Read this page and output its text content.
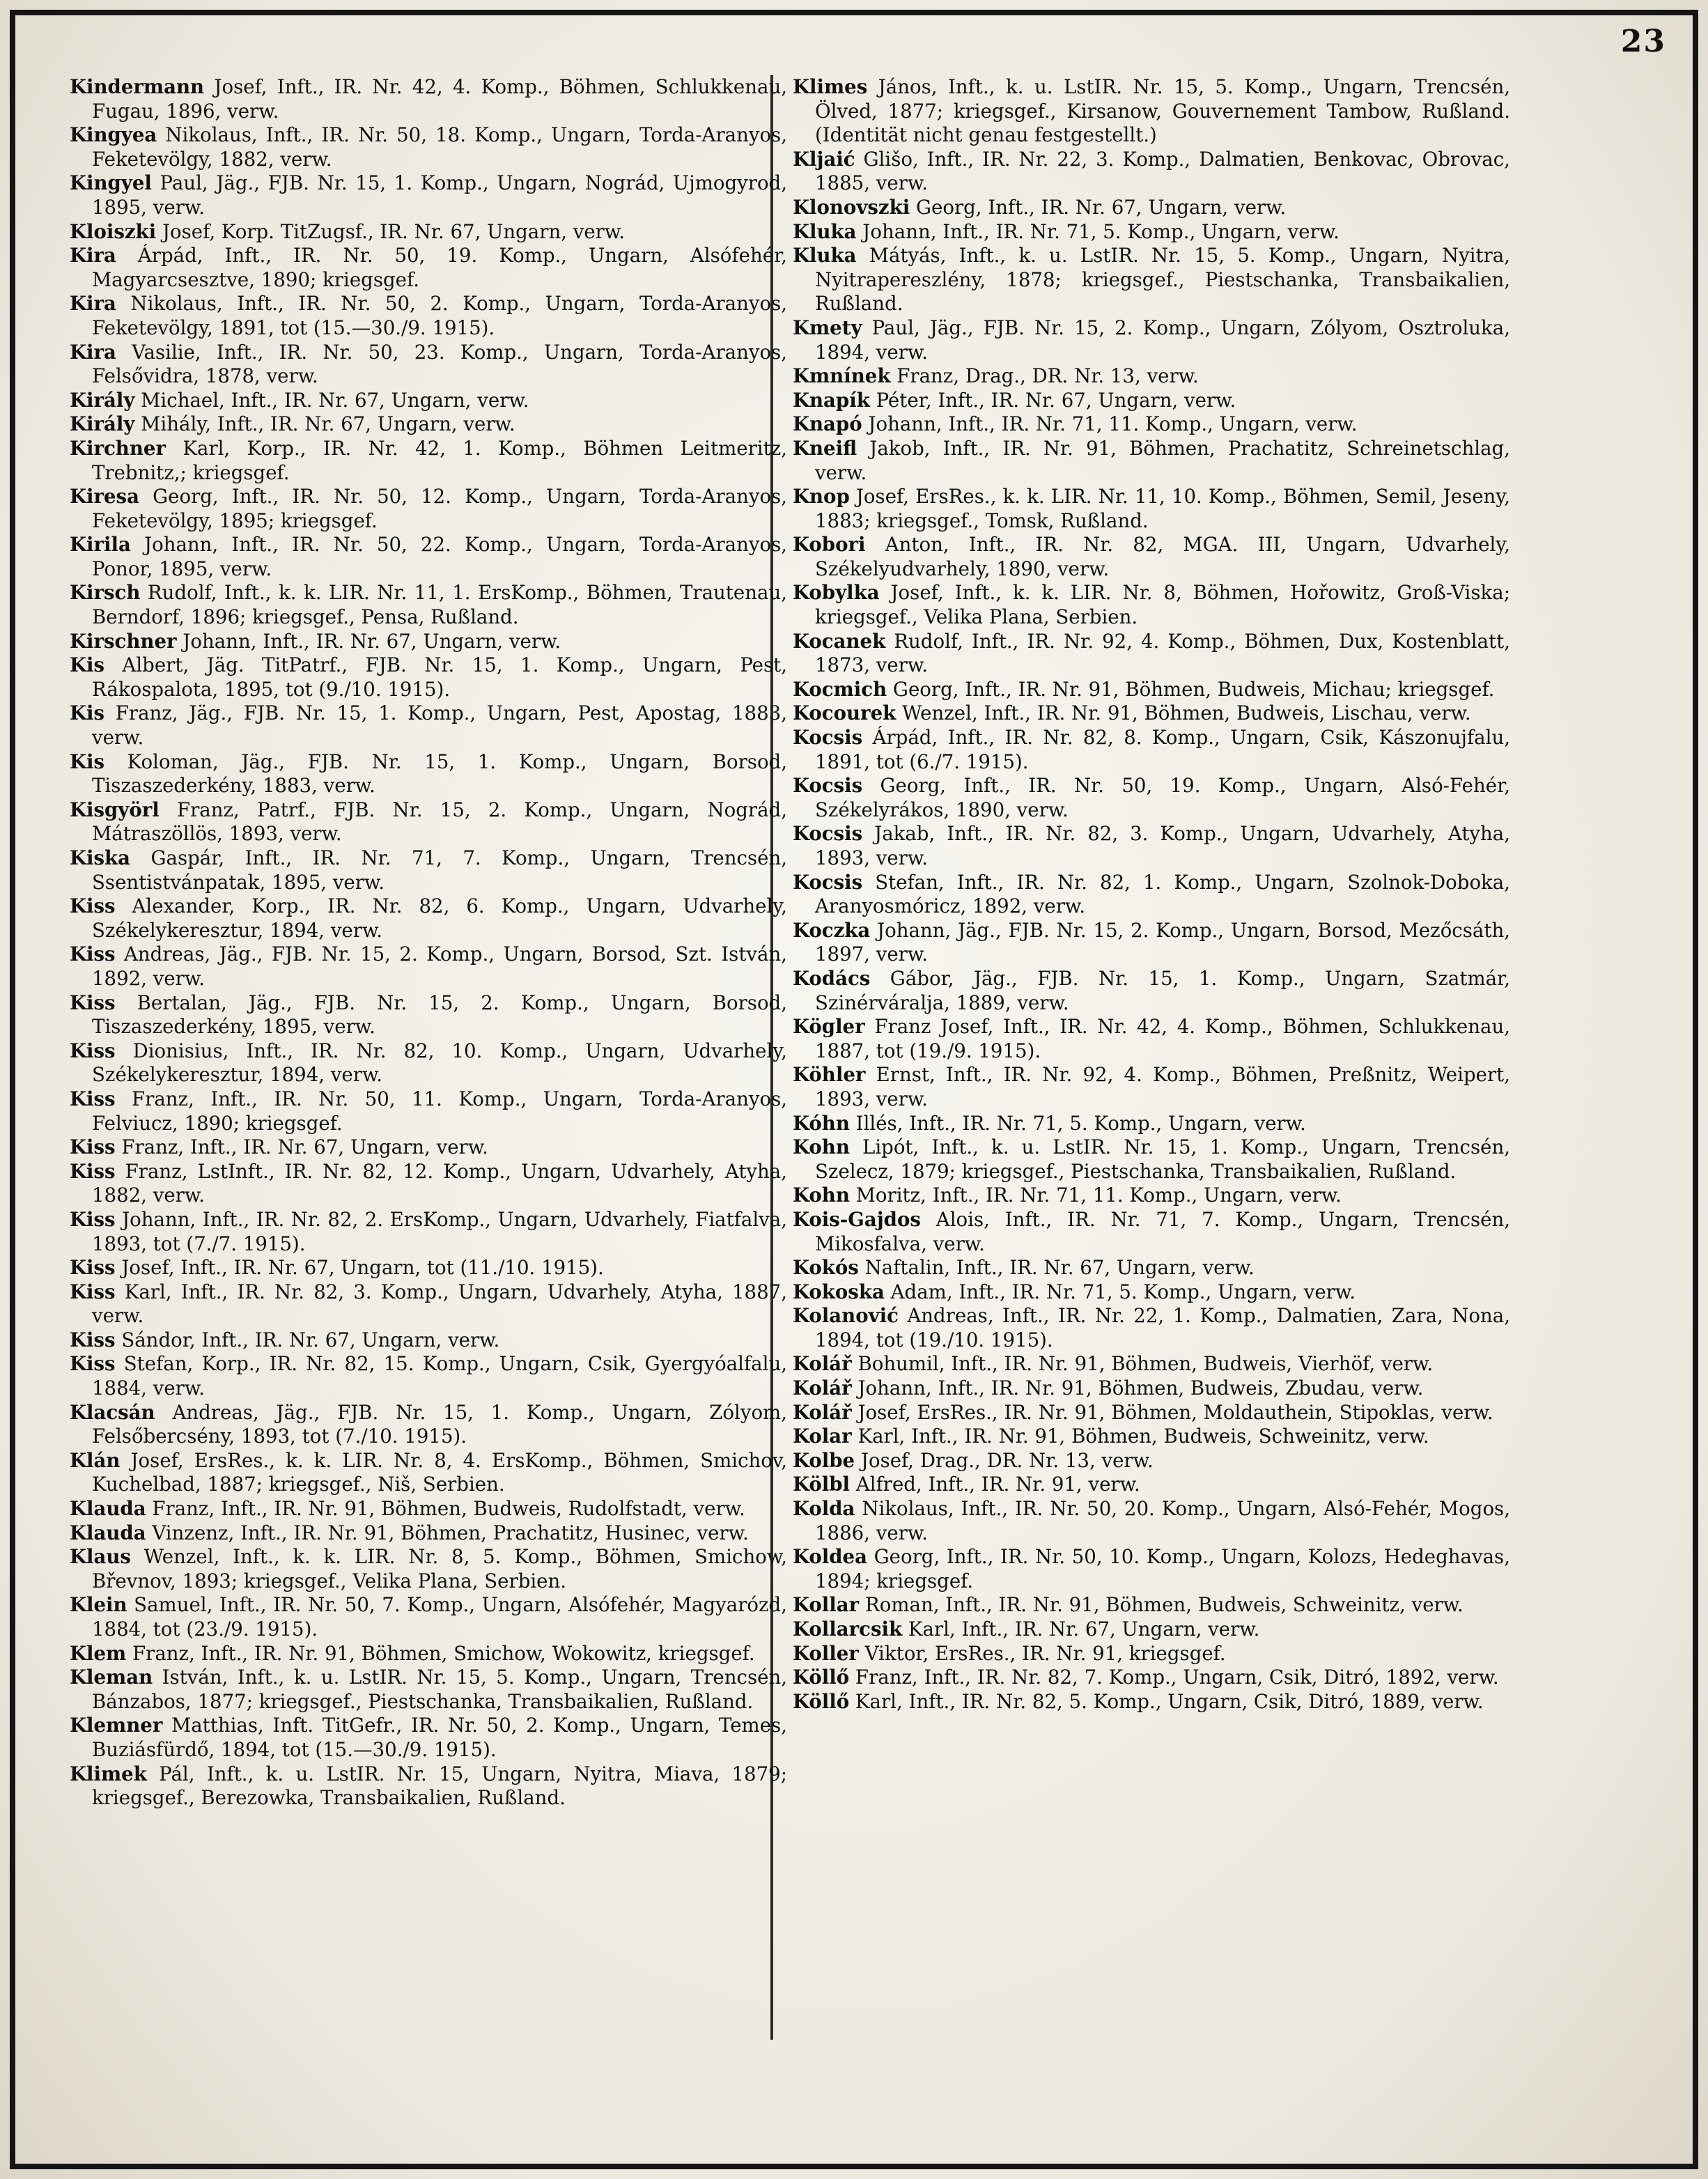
23

Kindermann Josef, Inft., IR. Nr. 42, 4. Komp., Böhmen, Schlukkenau, Fugau, 1896, verw.

Kingyea Nikolaus, Inft., IR. Nr. 50, 18. Komp., Ungarn, Torda-Aranyos, Feketevölgy, 1882, verw.

Kingyel Paul, Jäg., FJB. Nr. 15, 1. Komp., Ungarn, Nográd, Ujmogyrod, 1895, verw.

Kloiszki Josef, Korp. TitZugsf., IR. Nr. 67, Ungarn, verw.

Kira Árpád, Inft., IR. Nr. 50, 19. Komp., Ungarn, Alsófehér, Magyarcsesztve, 1890; kriegsgef.

Kira Nikolaus, Inft., IR. Nr. 50, 2. Komp., Ungarn, Torda-Aranyos, Feketevölgy, 1891, tot (15.—30./9. 1915).

Kira Vasilie, Inft., IR. Nr. 50, 23. Komp., Ungarn, Torda-Aranyos, Felsővidra, 1878, verw.

Király Michael, Inft., IR. Nr. 67, Ungarn, verw.

Király Mihály, Inft., IR. Nr. 67, Ungarn, verw.

Kirchner Karl, Korp., IR. Nr. 42, 1. Komp., Böhmen Leitmeritz, Trebnitz,; kriegsgef.

Kiresa Georg, Inft., IR. Nr. 50, 12. Komp., Ungarn, Torda-Aranyos, Feketevölgy, 1895; kriegsgef.

Kirila Johann, Inft., IR. Nr. 50, 22. Komp., Ungarn, Torda-Aranyos, Ponor, 1895, verw.

Kirsch Rudolf, Inft., k. k. LIR. Nr. 11, 1. ErsKomp., Böhmen, Trautenau, Berndorf, 1896; kriegsgef., Pensa, Rußland.

Kirschner Johann, Inft., IR. Nr. 67, Ungarn, verw.

Kis Albert, Jäg. TitPatrf., FJB. Nr. 15, 1. Komp., Ungarn, Pest, Rákospalota, 1895, tot (9./10. 1915).

Kis Franz, Jäg., FJB. Nr. 15, 1. Komp., Ungarn, Pest, Apostag, 1883, verw.

Kis Koloman, Jäg., FJB. Nr. 15, 1. Komp., Ungarn, Borsod, Tiszaszederkény, 1883, verw.

Kisgyörl Franz, Patrf., FJB. Nr. 15, 2. Komp., Ungarn, Nográd, Mátraszöllös, 1893, verw.

Kiska Gaspár, Inft., IR. Nr. 71, 7. Komp., Ungarn, Trencsén, Ssentistvánpatak, 1895, verw.

Kiss Alexander, Korp., IR. Nr. 82, 6. Komp., Ungarn, Udvarhely, Székelykeresztur, 1894, verw.

Kiss Andreas, Jäg., FJB. Nr. 15, 2. Komp., Ungarn, Borsod, Szt. István, 1892, verw.

Kiss Bertalan, Jäg., FJB. Nr. 15, 2. Komp., Ungarn, Borsod, Tiszaszederkény, 1895, verw.

Kiss Dionisius, Inft., IR. Nr. 82, 10. Komp., Ungarn, Udvarhely, Székelykeresztur, 1894, verw.

Kiss Franz, Inft., IR. Nr. 50, 11. Komp., Ungarn, Torda-Aranyos, Felviucz, 1890; kriegsgef.

Kiss Franz, Inft., IR. Nr. 67, Ungarn, verw.

Kiss Franz, LstInft., IR. Nr. 82, 12. Komp., Ungarn, Udvarhely, Atyha, 1882, verw.

Kiss Johann, Inft., IR. Nr. 82, 2. ErsKomp., Ungarn, Udvarhely, Fiatfalva, 1893, tot (7./7. 1915).

Kiss Josef, Inft., IR. Nr. 67, Ungarn, tot (11./10. 1915).

Kiss Karl, Inft., IR. Nr. 82, 3. Komp., Ungarn, Udvarhely, Atyha, 1887, verw.

Kiss Sándor, Inft., IR. Nr. 67, Ungarn, verw.

Kiss Stefan, Korp., IR. Nr. 82, 15. Komp., Ungarn, Csik, Gyergyóalfalu, 1884, verw.

Klacsán Andreas, Jäg., FJB. Nr. 15, 1. Komp., Ungarn, Zólyom, Felsőbercsény, 1893, tot (7./10. 1915).

Klán Josef, ErsRes., k. k. LIR. Nr. 8, 4. ErsKomp., Böhmen, Smichov, Kuchelbad, 1887; kriegsgef., Niš, Serbien.

Klauda Franz, Inft., IR. Nr. 91, Böhmen, Budweis, Rudolfstadt, verw.

Klauda Vinzenz, Inft., IR. Nr. 91, Böhmen, Prachatitz, Husinec, verw.

Klaus Wenzel, Inft., k. k. LIR. Nr. 8, 5. Komp., Böhmen, Smichow, Břevnov, 1893; kriegsgef., Velika Plana, Serbien.

Klein Samuel, Inft., IR. Nr. 50, 7. Komp., Ungarn, Alsófehér, Magyarózd, 1884, tot (23./9. 1915).

Klem Franz, Inft., IR. Nr. 91, Böhmen, Smichow, Wokowitz, kriegsgef.

Kleman István, Inft., k. u. LstIR. Nr. 15, 5. Komp., Ungarn, Trencsén, Bánzabos, 1877; kriegsgef., Piestschanka, Transbaikalien, Rußland.

Klemner Matthias, Inft. TitGefr., IR. Nr. 50, 2. Komp., Ungarn, Temes, Buziásfürdő, 1894, tot (15.—30./9. 1915).

Klimek Pál, Inft., k. u. LstIR. Nr. 15, Ungarn, Nyitra, Miava, 1879; kriegsgef., Berezowka, Transbaikalien, Rußland.

Klimes János, Inft., k. u. LstIR. Nr. 15, 5. Komp., Ungarn, Trencsén, Ölved, 1877; kriegsgef., Kirsanow, Gouvernement Tambow, Rußland. (Identität nicht genau festgestellt.)

Kljaić Glišo, Inft., IR. Nr. 22, 3. Komp., Dalmatien, Benkovac, Obrovac, 1885, verw.

Klonovszki Georg, Inft., IR. Nr. 67, Ungarn, verw.

Kluka Johann, Inft., IR. Nr. 71, 5. Komp., Ungarn, verw.

Kluka Mátyás, Inft., k. u. LstIR. Nr. 15, 5. Komp., Ungarn, Nyitra, Nyitrapereszlény, 1878; kriegsgef., Piestschanka, Transbaikalien, Rußland.

Kmety Paul, Jäg., FJB. Nr. 15, 2. Komp., Ungarn, Zólyom, Osztroluka, 1894, verw.

Kmnínek Franz, Drag., DR. Nr. 13, verw.

Knapík Péter, Inft., IR. Nr. 67, Ungarn, verw.

Knapó Johann, Inft., IR. Nr. 71, 11. Komp., Ungarn, verw.

Kneifl Jakob, Inft., IR. Nr. 91, Böhmen, Prachatitz, Schreinetschlag, verw.

Knop Josef, ErsRes., k. k. LIR. Nr. 11, 10. Komp., Böhmen, Semil, Jeseny, 1883; kriegsgef., Tomsk, Rußland.

Kobori Anton, Inft., IR. Nr. 82, MGA. III, Ungarn, Udvarhely, Székelyudvarhely, 1890, verw.

Kobylka Josef, Inft., k. k. LIR. Nr. 8, Böhmen, Hořowitz, Groß-Viska; kriegsgef., Velika Plana, Serbien.

Kocanek Rudolf, Inft., IR. Nr. 92, 4. Komp., Böhmen, Dux, Kostenblatt, 1873, verw.

Kocmich Georg, Inft., IR. Nr. 91, Böhmen, Budweis, Michau; kriegsgef.

Kocourek Wenzel, Inft., IR. Nr. 91, Böhmen, Budweis, Lischau, verw.

Kocsis Árpád, Inft., IR. Nr. 82, 8. Komp., Ungarn, Csik, Kászonujfalu, 1891, tot (6./7. 1915).

Kocsis Georg, Inft., IR. Nr. 50, 19. Komp., Ungarn, Alsó-Fehér, Székelyrákos, 1890, verw.

Kocsis Jakab, Inft., IR. Nr. 82, 3. Komp., Ungarn, Udvarhely, Atyha, 1893, verw.

Kocsis Stefan, Inft., IR. Nr. 82, 1. Komp., Ungarn, Szolnok-Doboka, Aranyosmóricz, 1892, verw.

Koczka Johann, Jäg., FJB. Nr. 15, 2. Komp., Ungarn, Borsod, Mezőcsáth, 1897, verw.

Kodács Gábor, Jäg., FJB. Nr. 15, 1. Komp., Ungarn, Szatmár, Szinérváralja, 1889, verw.

Kögler Franz Josef, Inft., IR. Nr. 42, 4. Komp., Böhmen, Schlukkenau, 1887, tot (19./9. 1915).

Köhler Ernst, Inft., IR. Nr. 92, 4. Komp., Böhmen, Preßnitz, Weipert, 1893, verw.

Kóhn Illés, Inft., IR. Nr. 71, 5. Komp., Ungarn, verw.

Kohn Lipót, Inft., k. u. LstIR. Nr. 15, 1. Komp., Ungarn, Trencsén, Szelecz, 1879; kriegsgef., Piestschanka, Transbaikalien, Rußland.

Kohn Moritz, Inft., IR. Nr. 71, 11. Komp., Ungarn, verw.

Kois-Gajdos Alois, Inft., IR. Nr. 71, 7. Komp., Ungarn, Trencsén, Mikosfalva, verw.

Kokós Naftalin, Inft., IR. Nr. 67, Ungarn, verw.

Kokoska Adam, Inft., IR. Nr. 71, 5. Komp., Ungarn, verw.

Kolanović Andreas, Inft., IR. Nr. 22, 1. Komp., Dalmatien, Zara, Nona, 1894, tot (19./10. 1915).

Kolář Bohumil, Inft., IR. Nr. 91, Böhmen, Budweis, Vierhöf, verw.

Kolář Johann, Inft., IR. Nr. 91, Böhmen, Budweis, Zbudau, verw.

Kolář Josef, ErsRes., IR. Nr. 91, Böhmen, Moldauthein, Stipoklas, verw.

Kolar Karl, Inft., IR. Nr. 91, Böhmen, Budweis, Schweinitz, verw.

Kolbe Josef, Drag., DR. Nr. 13, verw.

Kölbl Alfred, Inft., IR. Nr. 91, verw.

Kolda Nikolaus, Inft., IR. Nr. 50, 20. Komp., Ungarn, Alsó-Fehér, Mogos, 1886, verw.

Koldea Georg, Inft., IR. Nr. 50, 10. Komp., Ungarn, Kolozs, Hedeghavas, 1894; kriegsgef.

Kollar Roman, Inft., IR. Nr. 91, Böhmen, Budweis, Schweinitz, verw.

Kollarcsik Karl, Inft., IR. Nr. 67, Ungarn, verw.

Koller Viktor, ErsRes., IR. Nr. 91, kriegsgef.

Köllő Franz, Inft., IR. Nr. 82, 7. Komp., Ungarn, Csik, Ditró, 1892, verw.

Köllő Karl, Inft., IR. Nr. 82, 5. Komp., Ungarn, Csik, Ditró, 1889, verw.
